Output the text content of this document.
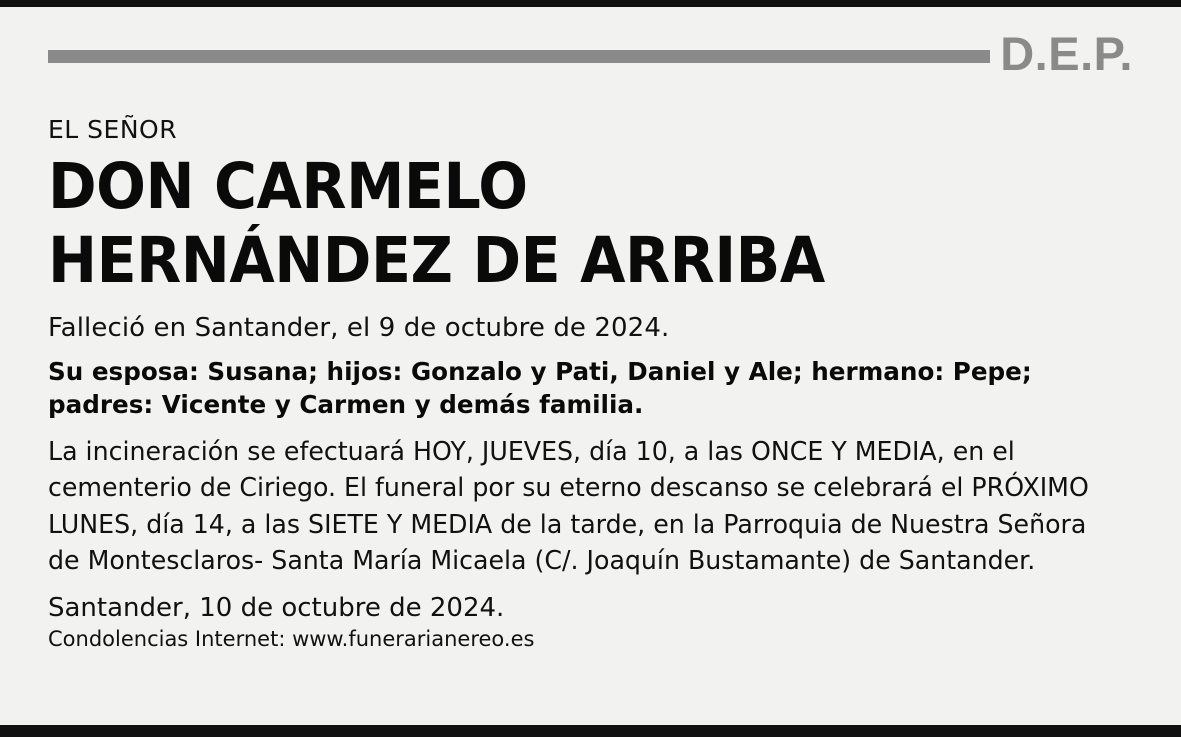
D.E.P.
EL SEÑOR
DON CARMELO
HERNÁNDEZ DE ARRIBA
Falleció en Santander, el 9 de octubre de 2024.
Su esposa: Susana; hijos: Gonzalo y Pati, Daniel y Ale; hermano: Pepe; padres: Vicente y Carmen y demás familia.
La incineración se efectuará HOY, JUEVES, día 10, a las ONCE Y MEDIA, en el cementerio de Ciriego. El funeral por su eterno descanso se celebrará el PRÓXIMO LUNES, día 14, a las SIETE Y MEDIA de la tarde, en la Parroquia de Nuestra Señora de Montesclaros- Santa María Micaela (C/. Joaquín Bustamante) de Santander.
Santander, 10 de octubre de 2024.
Condolencias Internet: www.funerarianereo.es
